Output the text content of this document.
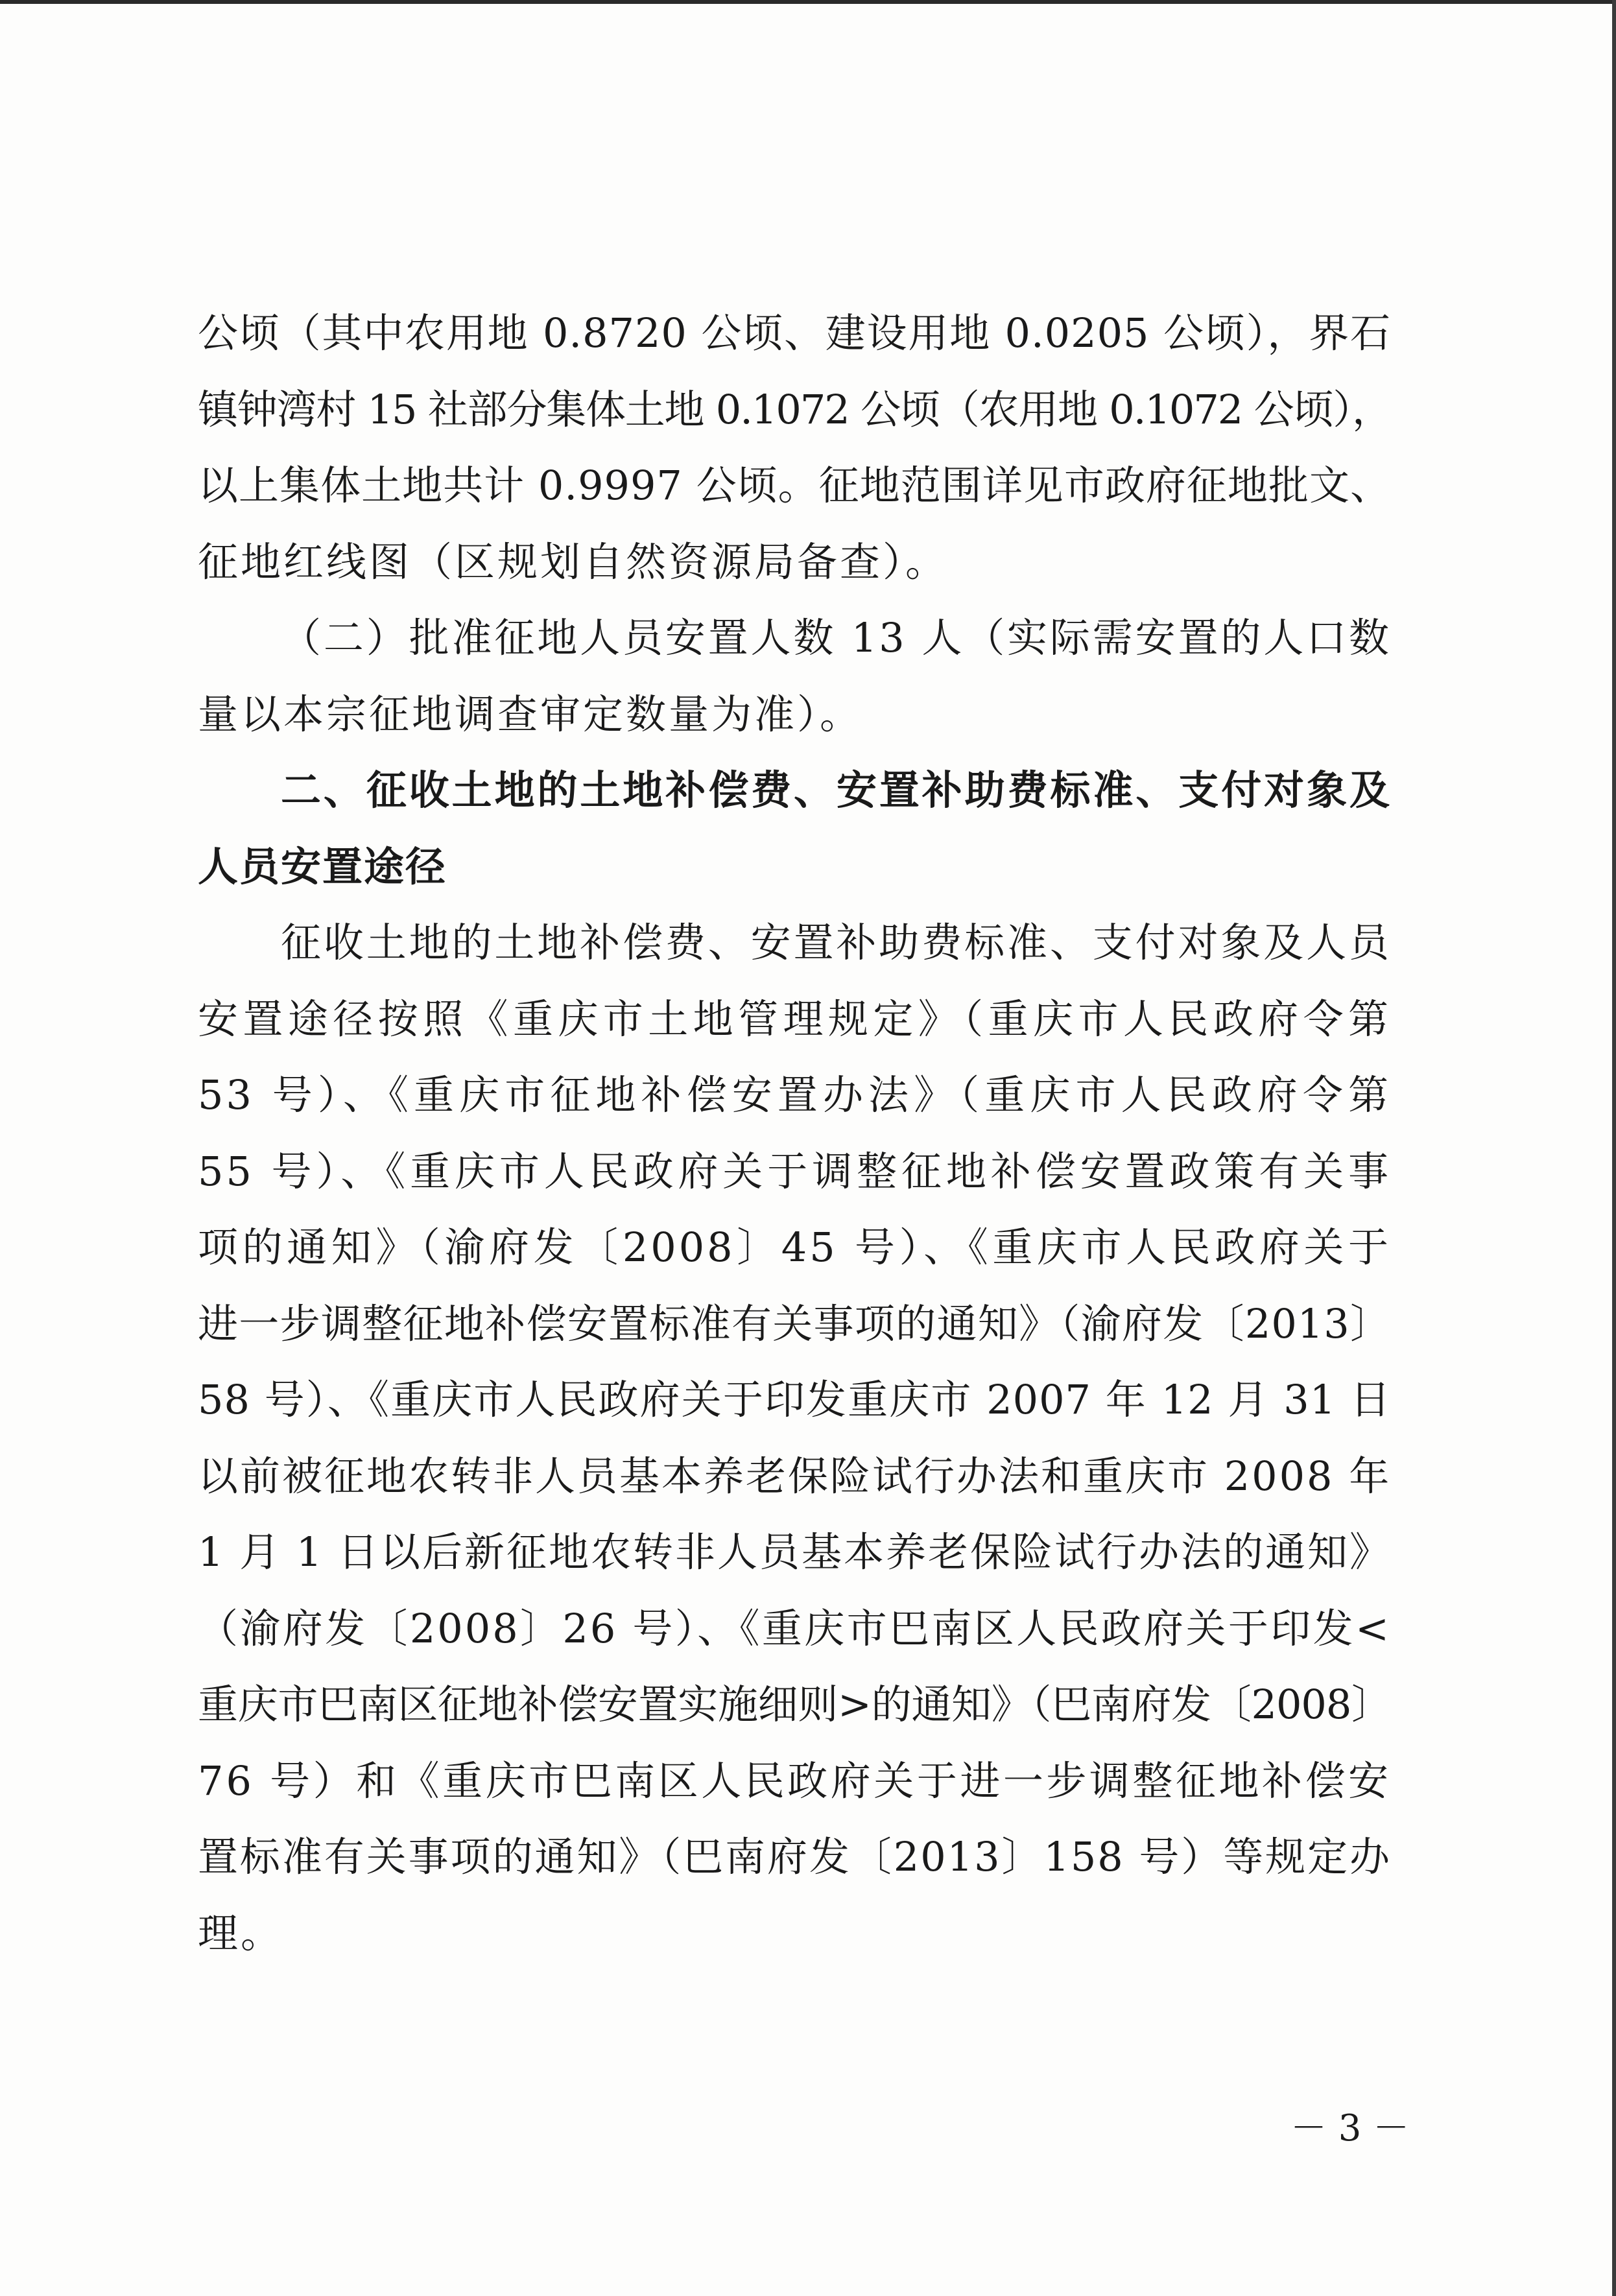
公顷（其中农用地 0.8720 公顷、建设用地 0.0205 公顷），界石
镇钟湾村 15 社部分集体土地 0.1072 公顷（农用地 0.1072 公顷），
以上集体土地共计 0.9997 公顷。征地范围详见市政府征地批文、
征地红线图（区规划自然资源局备查）。
（二）批准征地人员安置人数 13 人（实际需安置的人口数
量以本宗征地调查审定数量为准）。
二、征收土地的土地补偿费、安置补助费标准、支付对象及
人员安置途径
征收土地的土地补偿费、安置补助费标准、支付对象及人员
安置途径按照《重庆市土地管理规定》（重庆市人民政府令第
53 号）、《重庆市征地补偿安置办法》（重庆市人民政府令第
55 号）、《重庆市人民政府关于调整征地补偿安置政策有关事
项的通知》（渝府发〔2008〕45 号）、《重庆市人民政府关于
进一步调整征地补偿安置标准有关事项的通知》（渝府发〔2013〕
58 号）、《重庆市人民政府关于印发重庆市 2007 年 12 月 31 日
以前被征地农转非人员基本养老保险试行办法和重庆市 2008 年
1 月 1 日以后新征地农转非人员基本养老保险试行办法的通知》
（渝府发〔2008〕26 号）、《重庆市巴南区人民政府关于印发<
重庆市巴南区征地补偿安置实施细则>的通知》（巴南府发〔2008〕
76 号）和《重庆市巴南区人民政府关于进一步调整征地补偿安
置标准有关事项的通知》（巴南府发〔2013〕158 号）等规定办
理。
－ 3 －
